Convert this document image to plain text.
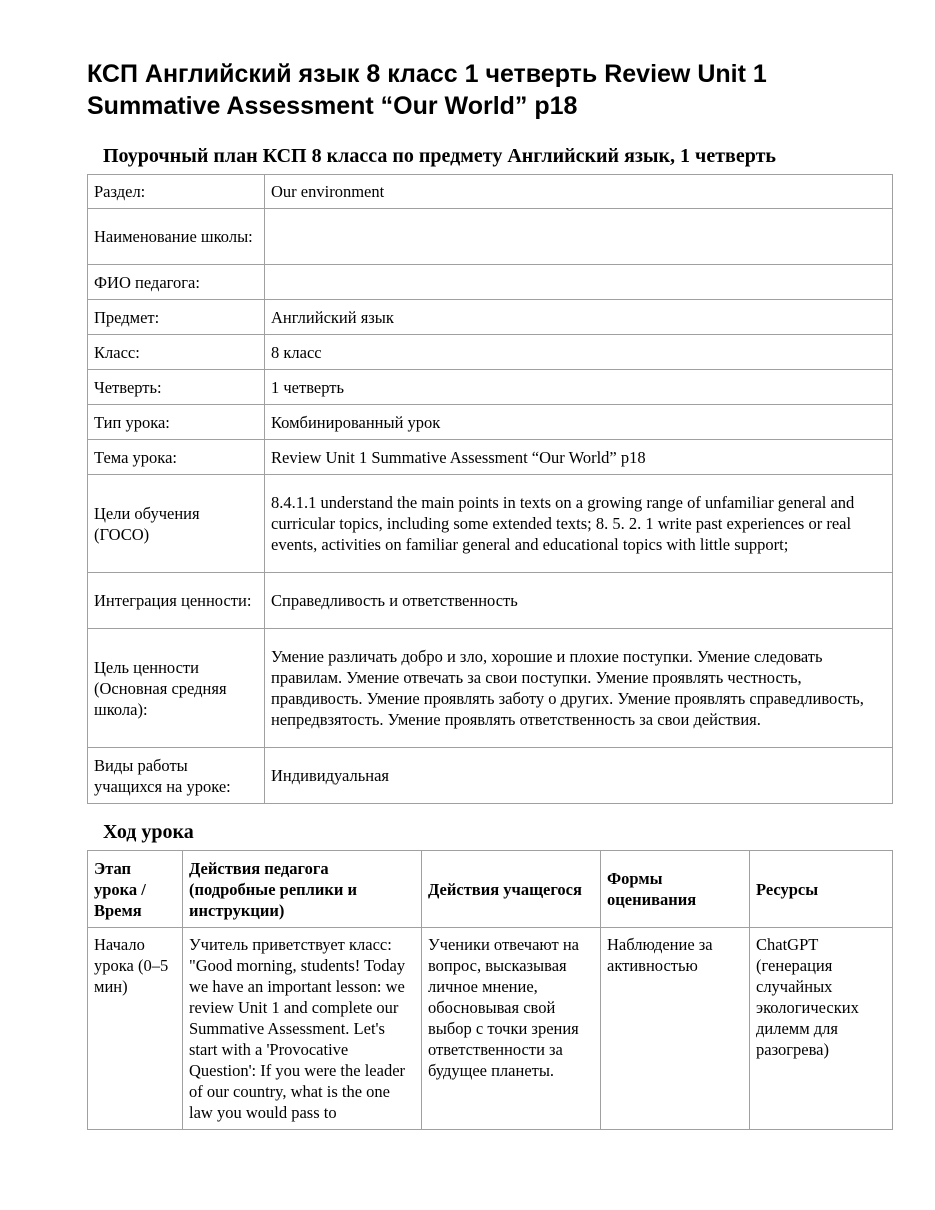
КСП Английский язык 8 класс 1 четверть Review Unit 1 Summative Assessment “Our World” p18
Поурочный план КСП 8 класса по предмету Английский язык, 1 четверть
Раздел:	Our environment
Наименование школы:	
ФИО педагога:	
Предмет:	Английский язык
Класс:	8 класс
Четверть:	1 четверть
Тип урока:	Комбинированный урок
Тема урока:	Review Unit 1 Summative Assessment “Our World” p18
Цели обучения (ГОСО)	8.4.1.1 understand the main points in texts on a growing range of unfamiliar general and curricular topics, including some extended texts; 8. 5. 2. 1 write past experiences or real events, activities on familiar general and educational topics with little support;
Интеграция ценности:	Справедливость и ответственность
Цель ценности (Основная средняя школа):	Умение различать добро и зло, хорошие и плохие поступки. Умение следовать правилам. Умение отвечать за свои поступки. Умение проявлять честность, правдивость. Умение проявлять заботу о других. Умение проявлять справедливость, непредвзятость. Умение проявлять ответственность за свои действия.
Виды работы учащихся на уроке:	Индивидуальная
Ход урока
Этап урока / Время	Действия педагога (подробные реплики и инструкции)	Действия учащегося	Формы оценивания	Ресурсы
Начало урока (0–5 мин)	Учитель приветствует класс: "Good morning, students! Today we have an important lesson: we review Unit 1 and complete our Summative Assessment. Let's start with a 'Provocative Question': If you were the leader of our country, what is the one law you would pass to	Ученики отвечают на вопрос, высказывая личное мнение, обосновывая свой выбор с точки зрения ответственности за будущее планеты.	Наблюдение за активностью	ChatGPT (генерация случайных экологических дилемм для разогрева)
